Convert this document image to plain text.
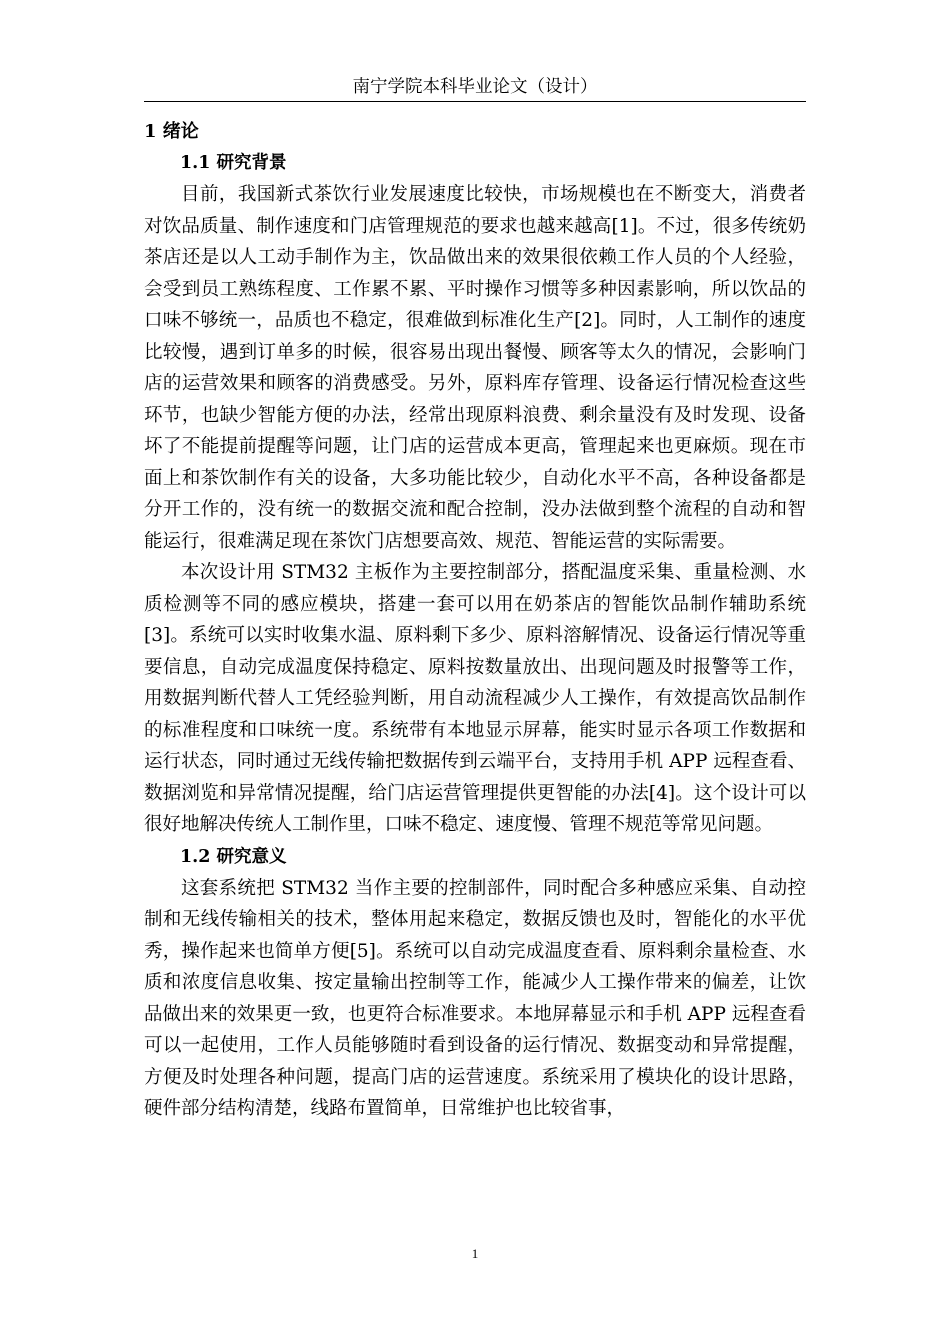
南宁学院本科毕业论文（设计）
1 绪论
1.1 研究背景

目前，我国新式茶饮行业发展速度比较快，市场规模也在不断变大，消费者对饮品质量、制作速度和门店管理规范的要求也越来越高[1]。不过，很多传统奶茶店还是以人工动手制作为主，饮品做出来的效果很依赖工作人员的个人经验，会受到员工熟练程度、工作累不累、平时操作习惯等多种因素影响，所以饮品的口味不够统一，品质也不稳定，很难做到标准化生产[2]。同时，人工制作的速度比较慢，遇到订单多的时候，很容易出现出餐慢、顾客等太久的情况，会影响门店的运营效果和顾客的消费感受。另外，原料库存管理、设备运行情况检查这些环节，也缺少智能方便的办法，经常出现原料浪费、剩余量没有及时发现、设备坏了不能提前提醒等问题，让门店的运营成本更高，管理起来也更麻烦。现在市面上和茶饮制作有关的设备，大多功能比较少，自动化水平不高，各种设备都是分开工作的，没有统一的数据交流和配合控制，没办法做到整个流程的自动和智能运行，很难满足现在茶饮门店想要高效、规范、智能运营的实际需要。

本次设计用 STM32 主板作为主要控制部分，搭配温度采集、重量检测、水质检测等不同的感应模块，搭建一套可以用在奶茶店的智能饮品制作辅助系统[3]。系统可以实时收集水温、原料剩下多少、原料溶解情况、设备运行情况等重要信息，自动完成温度保持稳定、原料按数量放出、出现问题及时报警等工作，用数据判断代替人工凭经验判断，用自动流程减少人工操作，有效提高饮品制作的标准程度和口味统一度。系统带有本地显示屏幕，能实时显示各项工作数据和运行状态，同时通过无线传输把数据传到云端平台，支持用手机 APP 远程查看、数据浏览和异常情况提醒，给门店运营管理提供更智能的办法[4]。这个设计可以很好地解决传统人工制作里，口味不稳定、速度慢、管理不规范等常见问题。

1.2 研究意义

这套系统把 STM32 当作主要的控制部件，同时配合多种感应采集、自动控制和无线传输相关的技术，整体用起来稳定，数据反馈也及时，智能化的水平优秀，操作起来也简单方便[5]。系统可以自动完成温度查看、原料剩余量检查、水质和浓度信息收集、按定量输出控制等工作，能减少人工操作带来的偏差，让饮品做出来的效果更一致，也更符合标准要求。本地屏幕显示和手机 APP 远程查看可以一起使用，工作人员能够随时看到设备的运行情况、数据变动和异常提醒，方便及时处理各种问题，提高门店的运营速度。系统采用了模块化的设计思路，硬件部分结构清楚，线路布置简单，日常维护也比较省事，

1
